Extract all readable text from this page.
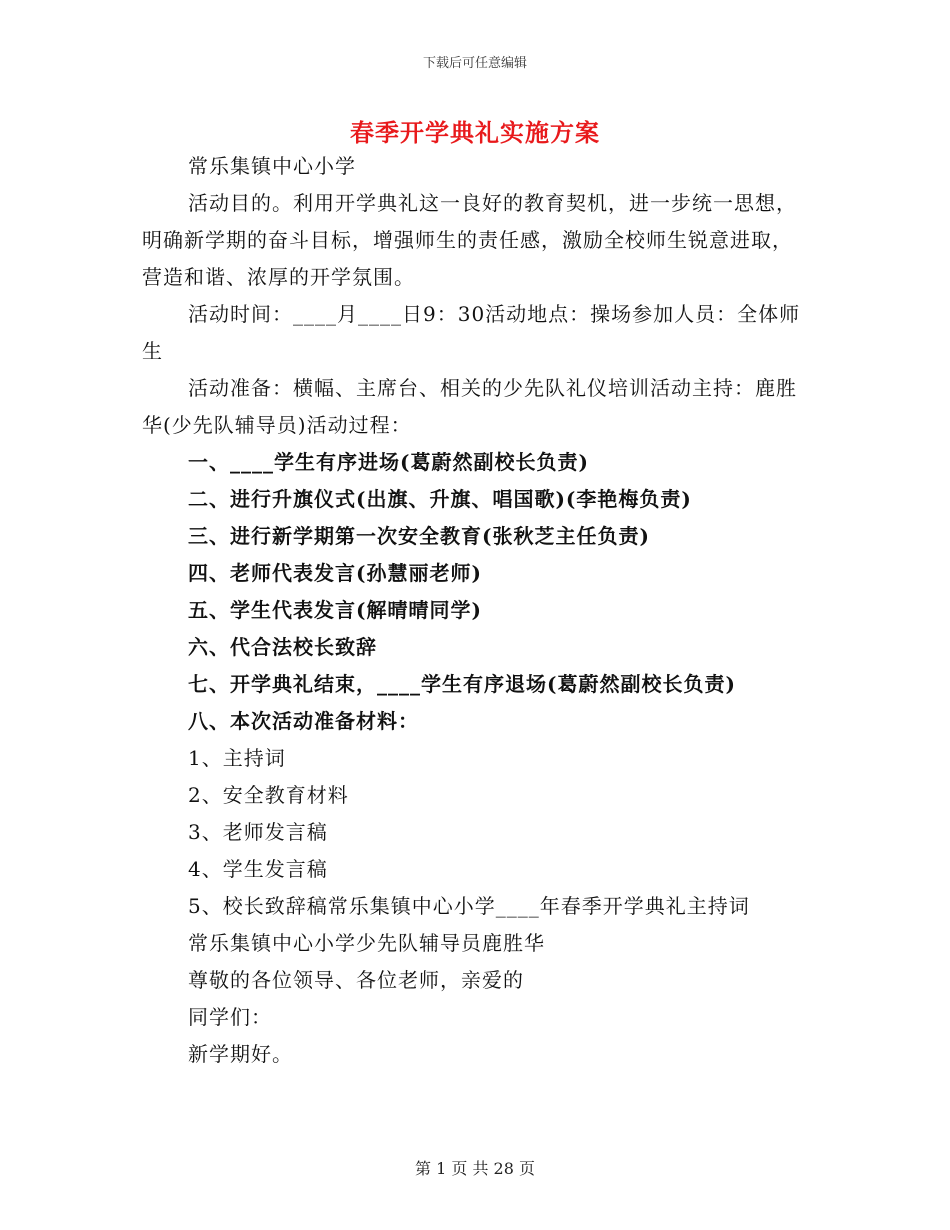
下载后可任意编辑
春季开学典礼实施方案

常乐集镇中心小学

活动目的。利用开学典礼这一良好的教育契机，进一步统一思想，明确新学期的奋斗目标，增强师生的责任感，激励全校师生锐意进取，营造和谐、浓厚的开学氛围。

活动时间：____月____日9：30活动地点：操场参加人员：全体师生

活动准备：横幅、主席台、相关的少先队礼仪培训活动主持：鹿胜华(少先队辅导员)活动过程：

一、____学生有序进场(葛蔚然副校长负责)

二、进行升旗仪式(出旗、升旗、唱国歌)(李艳梅负责)

三、进行新学期第一次安全教育(张秋芝主任负责)

四、老师代表发言(孙慧丽老师)

五、学生代表发言(解晴晴同学)

六、代合法校长致辞

七、开学典礼结束，____学生有序退场(葛蔚然副校长负责)

八、本次活动准备材料：

1、主持词

2、安全教育材料

3、老师发言稿

4、学生发言稿

5、校长致辞稿常乐集镇中心小学____年春季开学典礼主持词

常乐集镇中心小学少先队辅导员鹿胜华

尊敬的各位领导、各位老师，亲爱的

同学们：

新学期好。

第 1 页 共 28 页
